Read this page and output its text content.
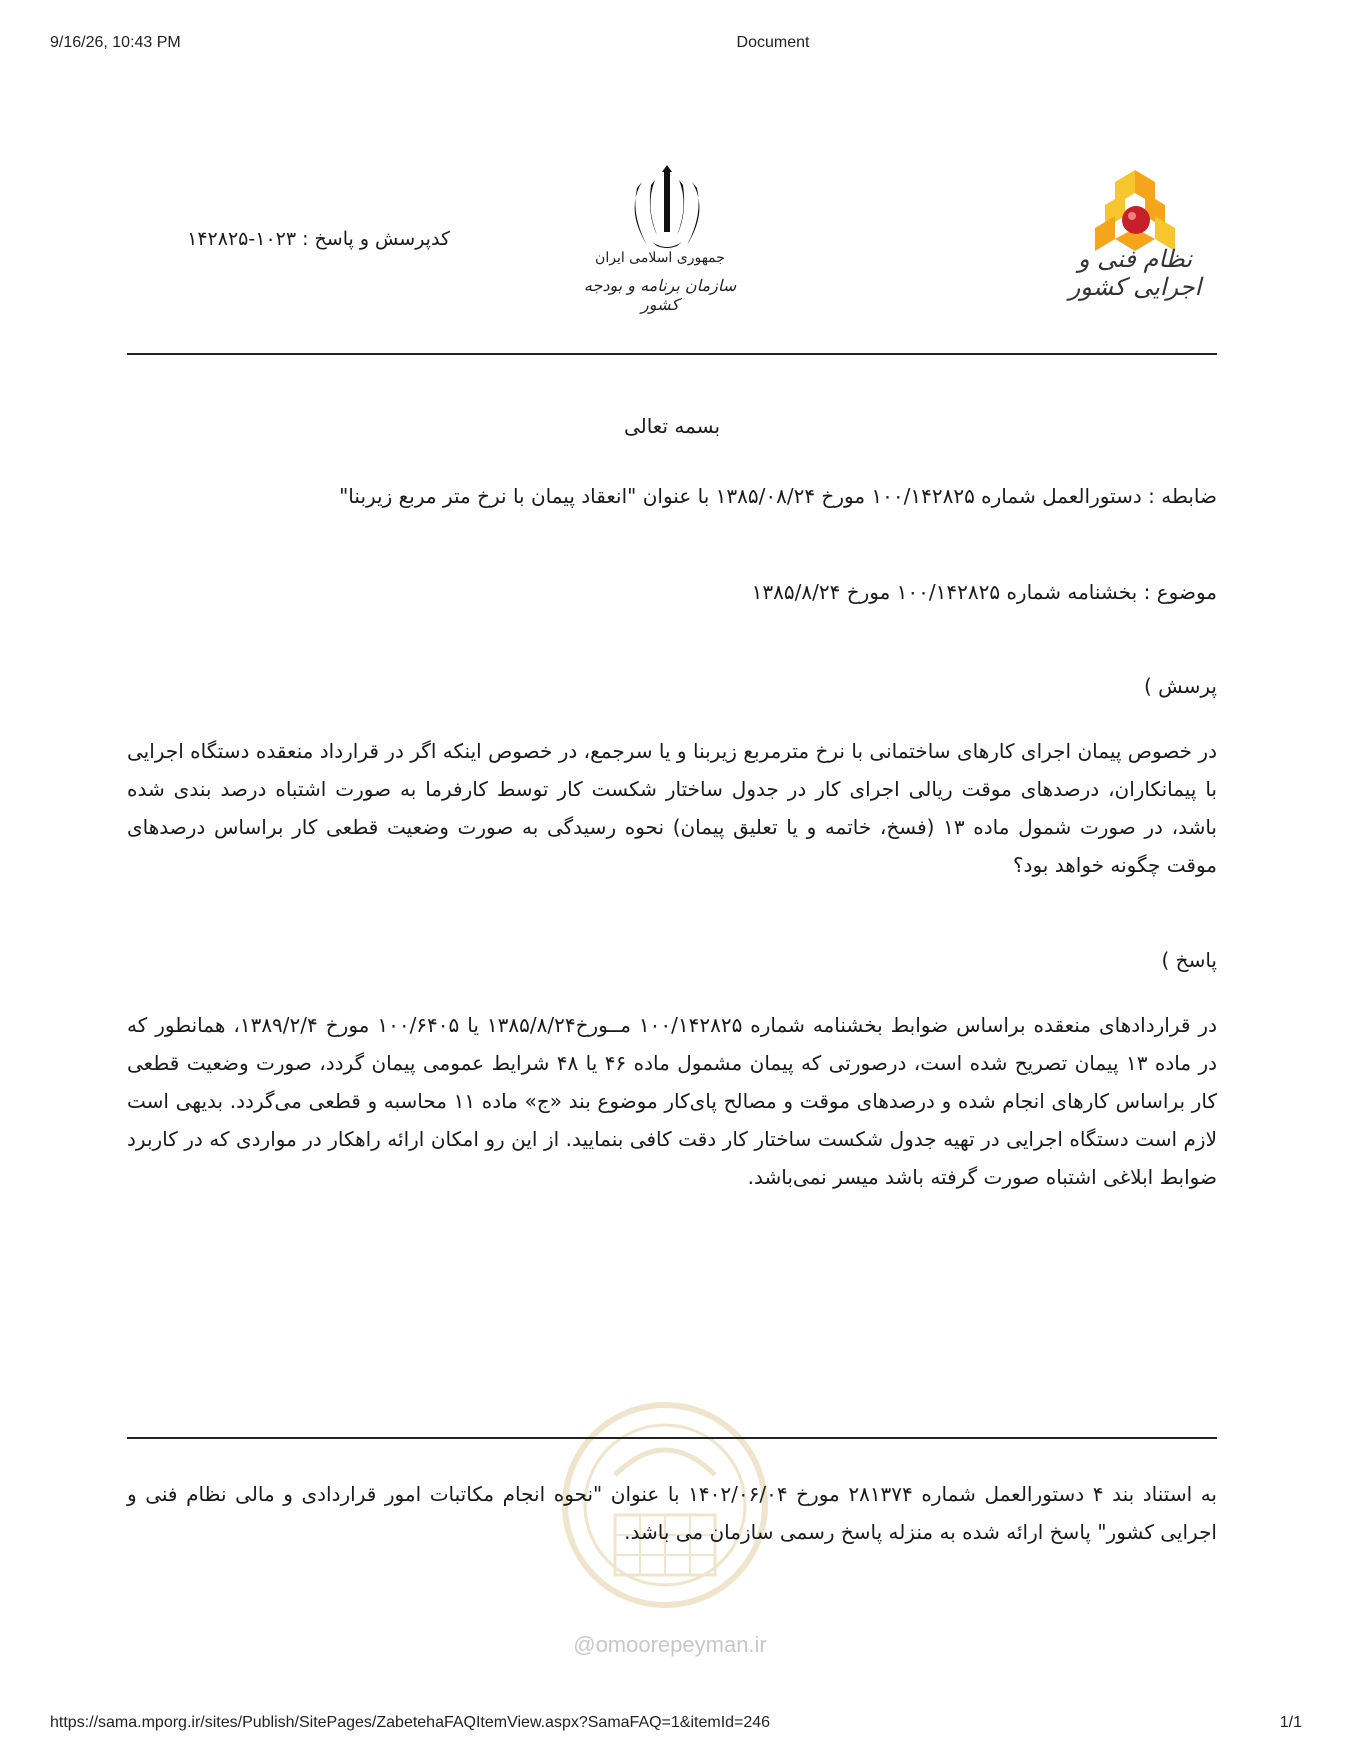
9/16/26, 10:43 PM	Document
https://sama.mporg.ir/sites/Publish/SitePages/ZabetehaFAQItemView.aspx?SamaFAQ=1&itemId=246	1/1
نظام فنی و اجرایی کشور
جمهوری اسلامی ایران
سازمان برنامه و بودجه کشور
کدپرسش و پاسخ : ۱۰۲۳-۱۴۲۸۲۵
بسمه تعالی
ضابطه : دستورالعمل شماره ۱۰۰/۱۴۲۸۲۵ مورخ ۱۳۸۵/۰۸/۲۴ با عنوان "انعقاد پیمان با نرخ متر مربع زیربنا"
موضوع : بخشنامه شماره ۱۰۰/۱۴۲۸۲۵ مورخ ۱۳۸۵/۸/۲۴
پرسش )
در خصوص پیمان اجرای کارهای ساختمانی با نرخ مترمربع زیربنا و یا سرجمع، در خصوص اینکه اگر در قرارداد منعقده دستگاه اجرایی با پیمانکاران، درصدهای موقت ریالی اجرای کار در جدول ساختار شکست کار توسط کارفرما به صورت اشتباه درصد بندی شده باشد، در صورت شمول ماده ۱۳ (فسخ، خاتمه و یا تعلیق پیمان) نحوه رسیدگی به صورت وضعیت قطعی کار براساس درصدهای موقت چگونه خواهد بود؟
پاسخ )
در قراردادهای منعقده براساس ضوابط بخشنامه شماره ۱۰۰/۱۴۲۸۲۵ مــورخ۱۳۸۵/۸/۲۴ یا ۱۰۰/۶۴۰۵ مورخ ۱۳۸۹/۲/۴، همانطور که در ماده ۱۳ پیمان تصریح شده است، درصورتی که پیمان مشمول ماده ۴۶ یا ۴۸ شرایط عمومی پیمان گردد، صورت وضعیت قطعی کار براساس کارهای انجام شده و درصدهای موقت و مصالح پای‌کار موضوع بند «ج» ماده ۱۱ محاسبه و قطعی می‌گردد. بدیهی است لازم است دستگاه اجرایی در تهیه جدول شکست ساختار کار دقت کافی بنمایید. از این رو امکان ارائه راهکار در مواردی که در کاربرد ضوابط ابلاغی اشتباه صورت گرفته باشد میسر نمی‌باشد.
به استناد بند ۴ دستورالعمل شماره ۲۸۱۳۷۴ مورخ ۱۴۰۲/۰۶/۰۴ با عنوان "نحوه انجام مکاتبات امور قراردادی و مالی نظام فنی و اجرایی کشور" پاسخ ارائه شده به منزله پاسخ رسمی سازمان می باشد.
@omoorepeyman.ir
